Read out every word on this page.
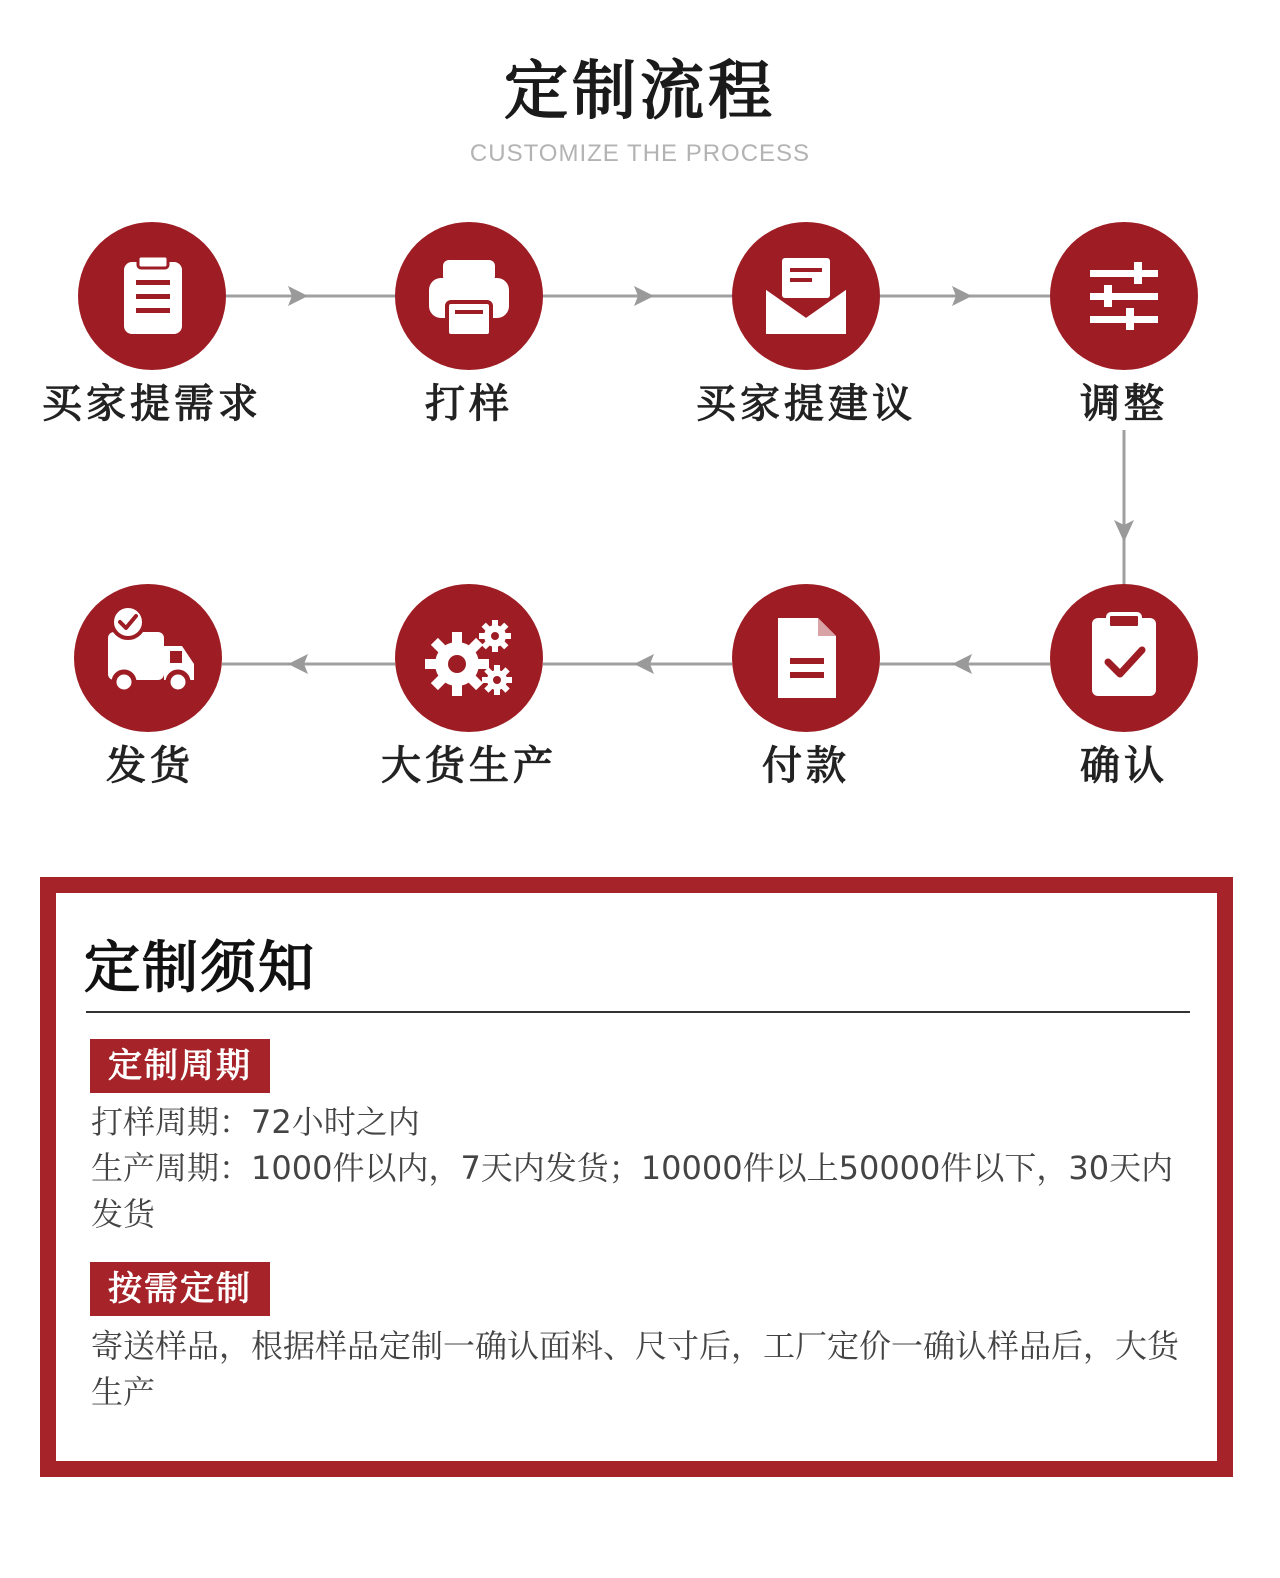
定制流程
CUSTOMIZE THE PROCESS
买家提需求	打样	买家提建议	调整
确认
付款
大货生产
发货
定制须知
定制周期
打样周期：72小时之内
生产周期：1000件以内，7天内发货；10000件以上50000件以下，30天内发货
按需定制
寄送样品，根据样品定制一确认面料、尺寸后，工厂定价一确认样品后，大货生产
